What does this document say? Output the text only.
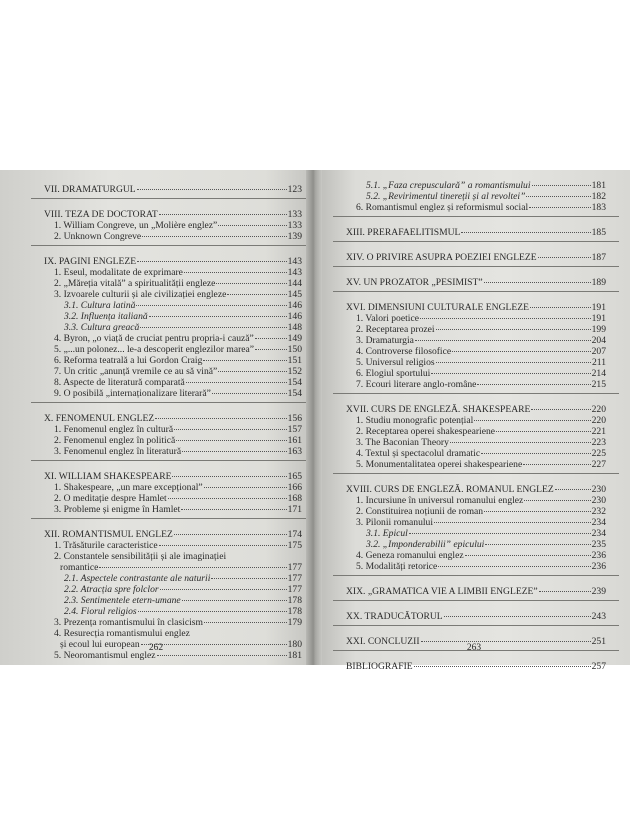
VII. DRAMATURGUL	123
VIII. TEZA DE DOCTORAT	133
1. William Congreve, un „Molière englez”	133
2. Unknown Congreve	139
IX. PAGINI ENGLEZE	143
1. Eseul, modalitate de exprimare	143
2. „Măreția vitală” a spiritualității engleze	144
3. Izvoarele culturii și ale civilizației engleze	145
3.1. Cultura latină	146
3.2. Influența italiană	146
3.3. Cultura greacă	148
4. Byron, „o viață de cruciat pentru propria-i cauză”	149
5. „...un polonez... le-a descoperit englezilor marea”	150
6. Reforma teatrală a lui Gordon Craig	151
7. Un critic „anunță vremile ce au să vină”	152
8. Aspecte de literatură comparată	154
9. O posibilă „internaționalizare literară”	154
X. FENOMENUL ENGLEZ	156
1. Fenomenul englez în cultură	157
2. Fenomenul englez în politică	161
3. Fenomenul englez în literatură	163
XI. WILLIAM SHAKESPEARE	165
1. Shakespeare, „un mare excepțional”	166
2. O meditație despre Hamlet	168
3. Probleme și enigme în Hamlet	171
XII. ROMANTISMUL ENGLEZ	174
1. Trăsăturile caracteristice	175
2. Constantele sensibilității și ale imaginației
romantice	177
2.1. Aspectele contrastante ale naturii	177
2.2. Atracția spre folclor	177
2.3. Sentimentele etern-umane	178
2.4. Fiorul religios	178
3. Prezența romantismului în clasicism	179
4. Resurecția romantismului englez
și ecoul lui european	180
5. Neoromantismul englez	181
262
5.1. „Faza crepusculară” a romantismului	181
5.2. „Revirimentul tinereții și al revoltei”	182
6. Romantismul englez și reformismul social	183
XIII. PRERAFAELITISMUL	185
XIV. O PRIVIRE ASUPRA POEZIEI ENGLEZE	187
XV. UN PROZATOR „PESIMIST”	189
XVI. DIMENSIUNI CULTURALE ENGLEZE	191
1. Valori poetice	191
2. Receptarea prozei	199
3. Dramaturgia	204
4. Controverse filosofice	207
5. Universul religios	211
6. Elogiul sportului	214
7. Ecouri literare anglo-române	215
XVII. CURS DE ENGLEZĂ. SHAKESPEARE	220
1. Studiu monografic potențial	220
2. Receptarea operei shakespeariene	221
3. The Baconian Theory	223
4. Textul și spectacolul dramatic	225
5. Monumentalitatea operei shakespeariene	227
XVIII. CURS DE ENGLEZĂ. ROMANUL ENGLEZ	230
1. Incursiune în universul romanului englez	230
2. Constituirea noțiunii de roman	232
3. Pilonii romanului	234
3.1. Epicul	234
3.2. „Imponderabilii” epicului	235
4. Geneza romanului englez	236
5. Modalități retorice	236
XIX. „GRAMATICA VIE A LIMBII ENGLEZE”	239
XX. TRADUCĂTORUL	243
XXI. CONCLUZII	251
BIBLIOGRAFIE	257
263
